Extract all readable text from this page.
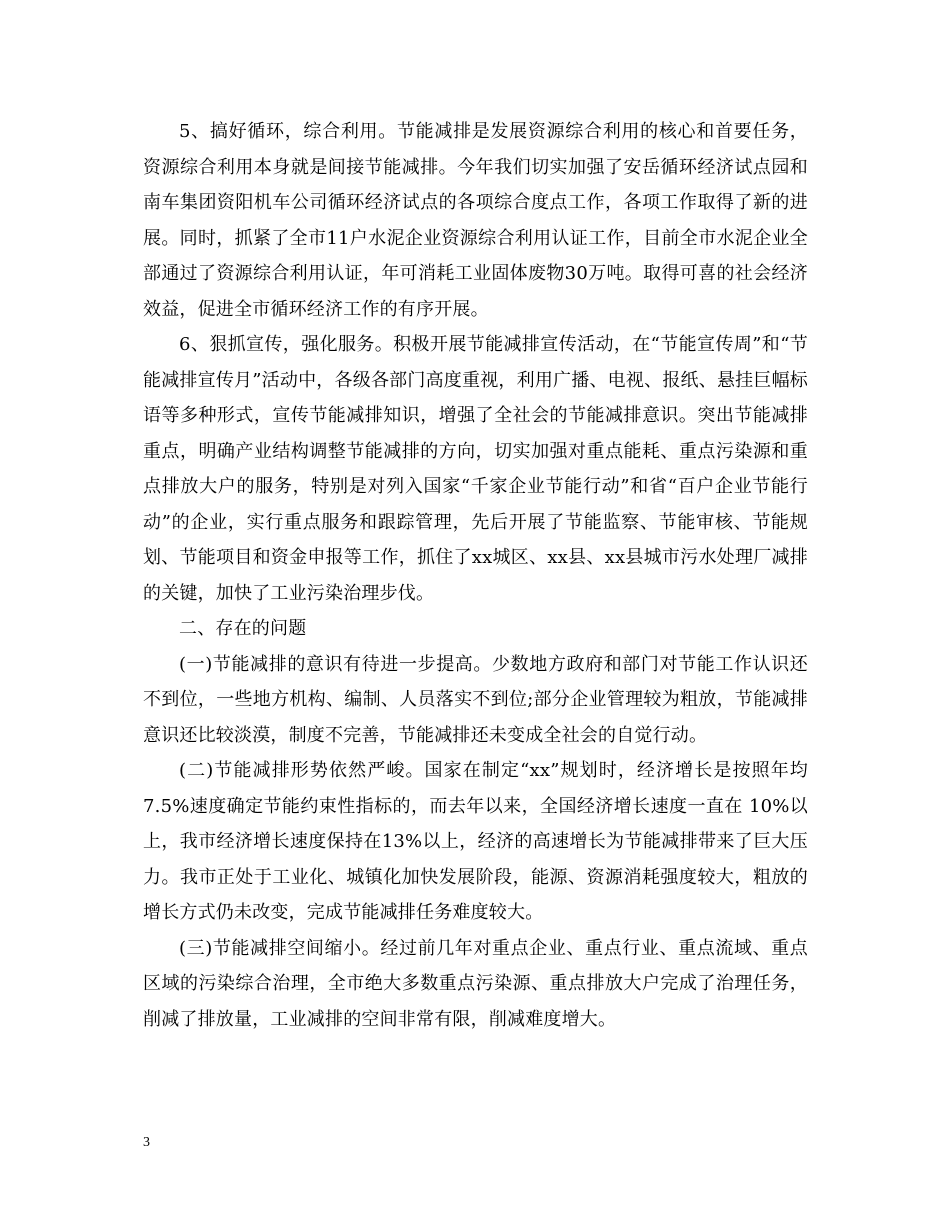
5、搞好循环，综合利用。节能减排是发展资源综合利用的核心和首要任务，资源综合利用本身就是间接节能减排。今年我们切实加强了安岳循环经济试点园和南车集团资阳机车公司循环经济试点的各项综合度点工作，各项工作取得了新的进展。同时，抓紧了全市11户水泥企业资源综合利用认证工作，目前全市水泥企业全部通过了资源综合利用认证，年可消耗工业固体废物30万吨。取得可喜的社会经济效益，促进全市循环经济工作的有序开展。

6、狠抓宣传，强化服务。积极开展节能减排宣传活动，在“节能宣传周”和“节能减排宣传月”活动中，各级各部门高度重视，利用广播、电视、报纸、悬挂巨幅标语等多种形式，宣传节能减排知识，增强了全社会的节能减排意识。突出节能减排重点，明确产业结构调整节能减排的方向，切实加强对重点能耗、重点污染源和重点排放大户的服务，特别是对列入国家“千家企业节能行动”和省“百户企业节能行动”的企业，实行重点服务和跟踪管理，先后开展了节能监察、节能审核、节能规划、节能项目和资金申报等工作，抓住了xx城区、xx县、xx县城市污水处理厂减排的关键，加快了工业污染治理步伐。

二、存在的问题

(一)节能减排的意识有待进一步提高。少数地方政府和部门对节能工作认识还不到位，一些地方机构、编制、人员落实不到位;部分企业管理较为粗放，节能减排意识还比较淡漠，制度不完善，节能减排还未变成全社会的自觉行动。

(二)节能减排形势依然严峻。国家在制定“xx”规划时，经济增长是按照年均7.5%速度确定节能约束性指标的，而去年以来，全国经济增长速度一直在 10%以上，我市经济增长速度保持在13%以上，经济的高速增长为节能减排带来了巨大压力。我市正处于工业化、城镇化加快发展阶段，能源、资源消耗强度较大，粗放的增长方式仍未改变，完成节能减排任务难度较大。

(三)节能减排空间缩小。经过前几年对重点企业、重点行业、重点流域、重点区域的污染综合治理，全市绝大多数重点污染源、重点排放大户完成了治理任务，削减了排放量，工业减排的空间非常有限，削减难度增大。

3
